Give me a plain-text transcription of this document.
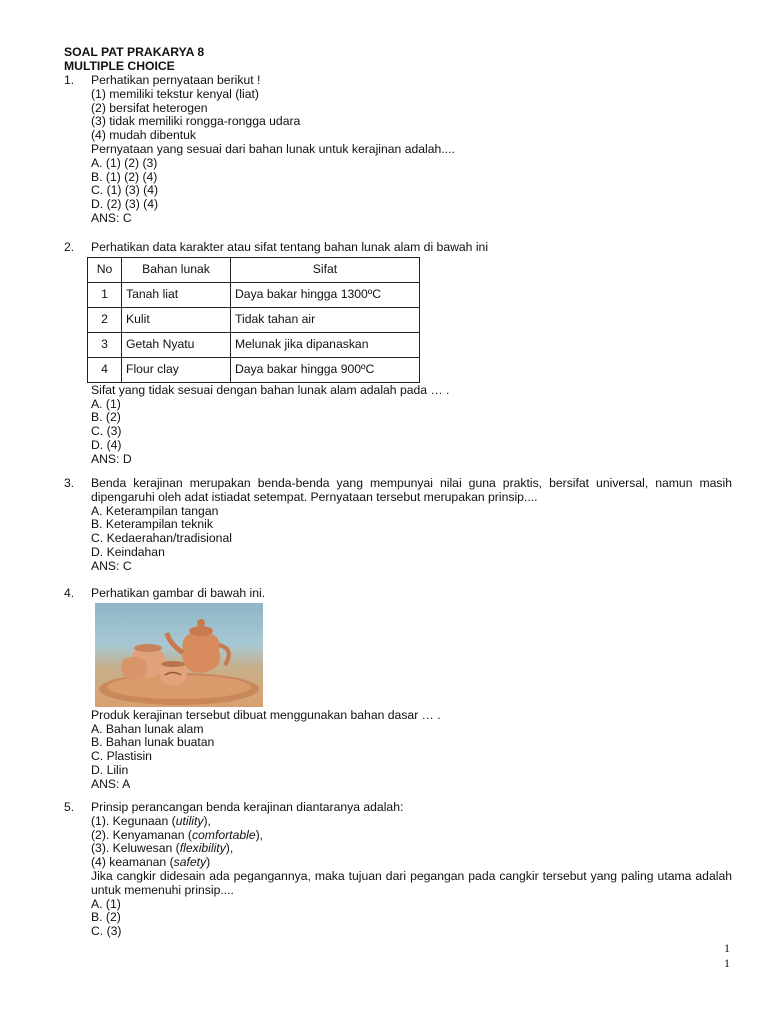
SOAL PAT PRAKARYA 8
MULTIPLE CHOICE
1. Perhatikan pernyataan berikut !
(1) memiliki tekstur kenyal (liat)
(2) bersifat heterogen
(3) tidak memiliki rongga-rongga udara
(4) mudah dibentuk
Pernyataan yang sesuai dari bahan lunak untuk kerajinan adalah....
A. (1) (2) (3)
B. (1) (2) (4)
C. (1) (3) (4)
D. (2) (3) (4)
ANS: C
2. Perhatikan data karakter atau sifat tentang bahan lunak alam di bawah ini
No	Bahan lunak	Sifat
1	Tanah liat	Daya bakar hingga 1300ºC
2	Kulit	Tidak tahan air
3	Getah Nyatu	Melunak jika dipanaskan
4	Flour clay	Daya bakar hingga 900ºC
Sifat yang tidak sesuai dengan bahan lunak alam adalah pada … .
A. (1)
B. (2)
C. (3)
D. (4)
ANS: D
3. Benda kerajinan merupakan benda-benda yang mempunyai nilai guna praktis, bersifat universal, namun masih dipengaruhi oleh adat istiadat setempat. Pernyataan tersebut merupakan prinsip....
A. Keterampilan tangan
B. Keterampilan teknik
C. Kedaerahan/tradisional
D. Keindahan
ANS: C
4. Perhatikan gambar di bawah ini.
Produk kerajinan tersebut dibuat menggunakan bahan dasar … .
A. Bahan lunak alam
B. Bahan lunak buatan
C. Plastisin
D. Lilin
ANS: A
5. Prinsip perancangan benda kerajinan diantaranya adalah:
(1). Kegunaan (utility),
(2). Kenyamanan (comfortable),
(3). Keluwesan (flexibility),
(4) keamanan (safety)
Jika cangkir didesain ada pegangannya, maka tujuan dari pegangan pada cangkir tersebut yang paling utama adalah untuk memenuhi prinsip....
A. (1)
B. (2)
C. (3)
1
1
